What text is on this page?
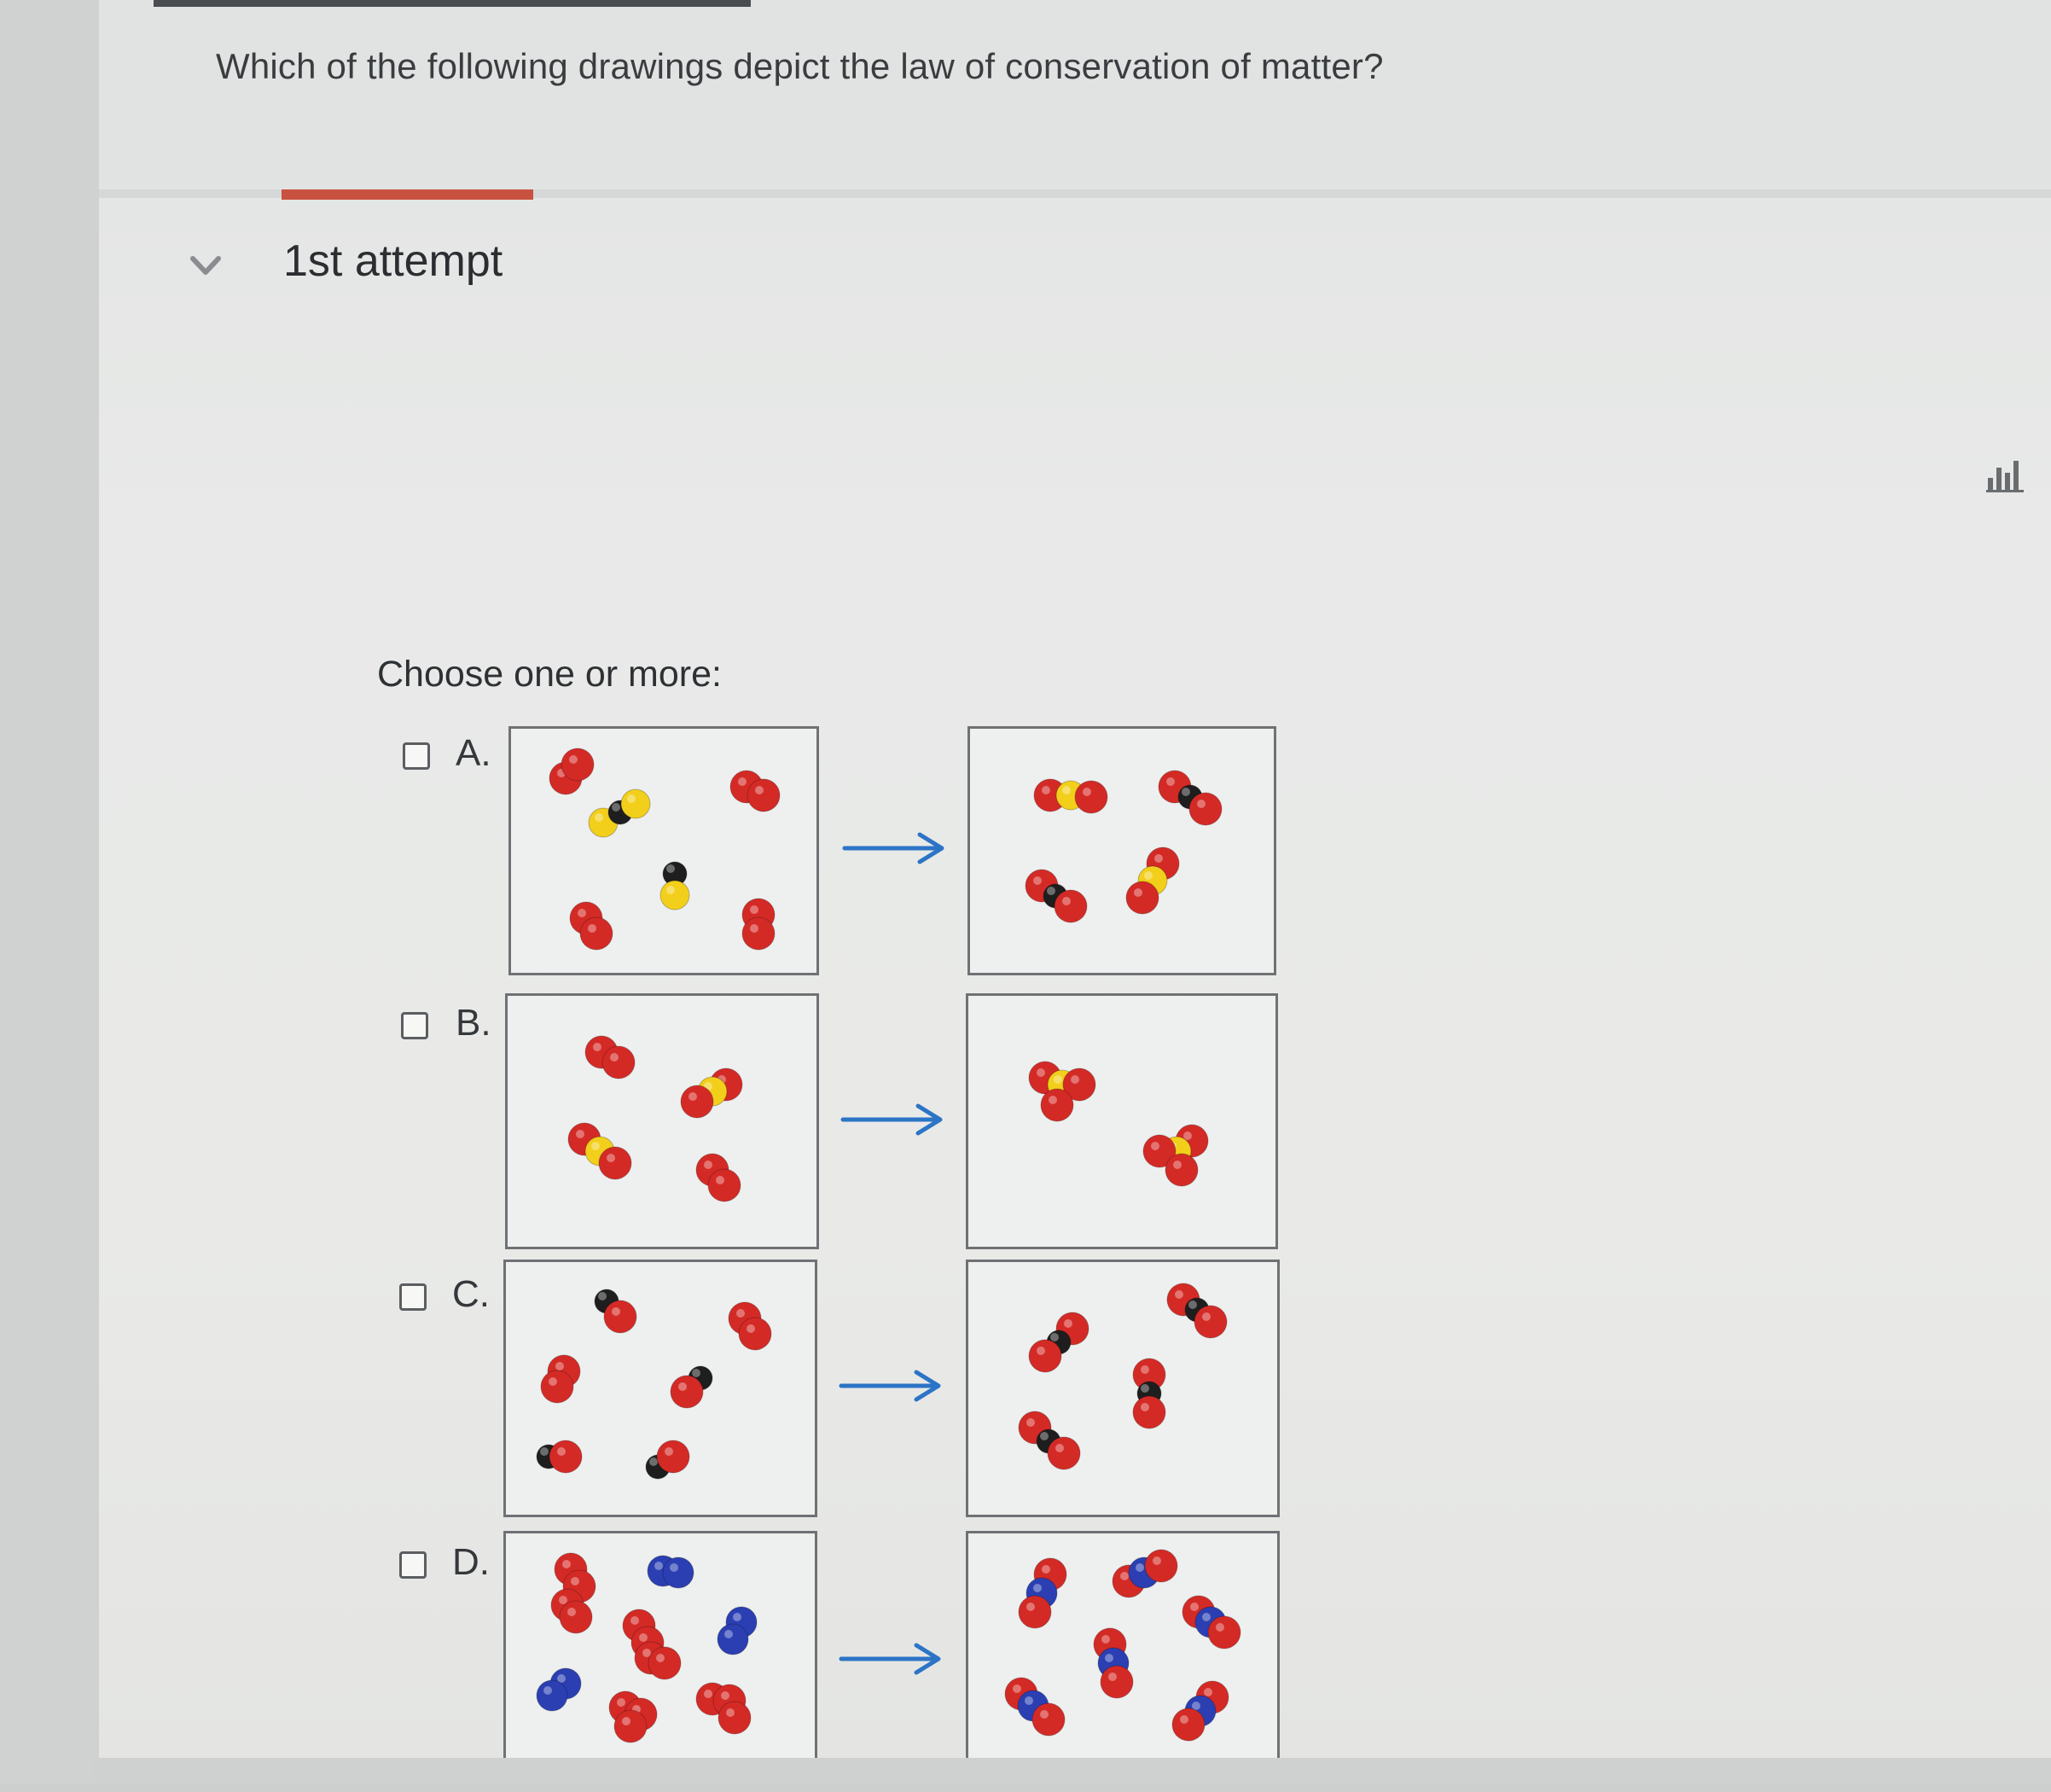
Which of the following drawings depict the law of conservation of matter?
1st attempt
Choose one or more:
A.
B.
C.
D.
